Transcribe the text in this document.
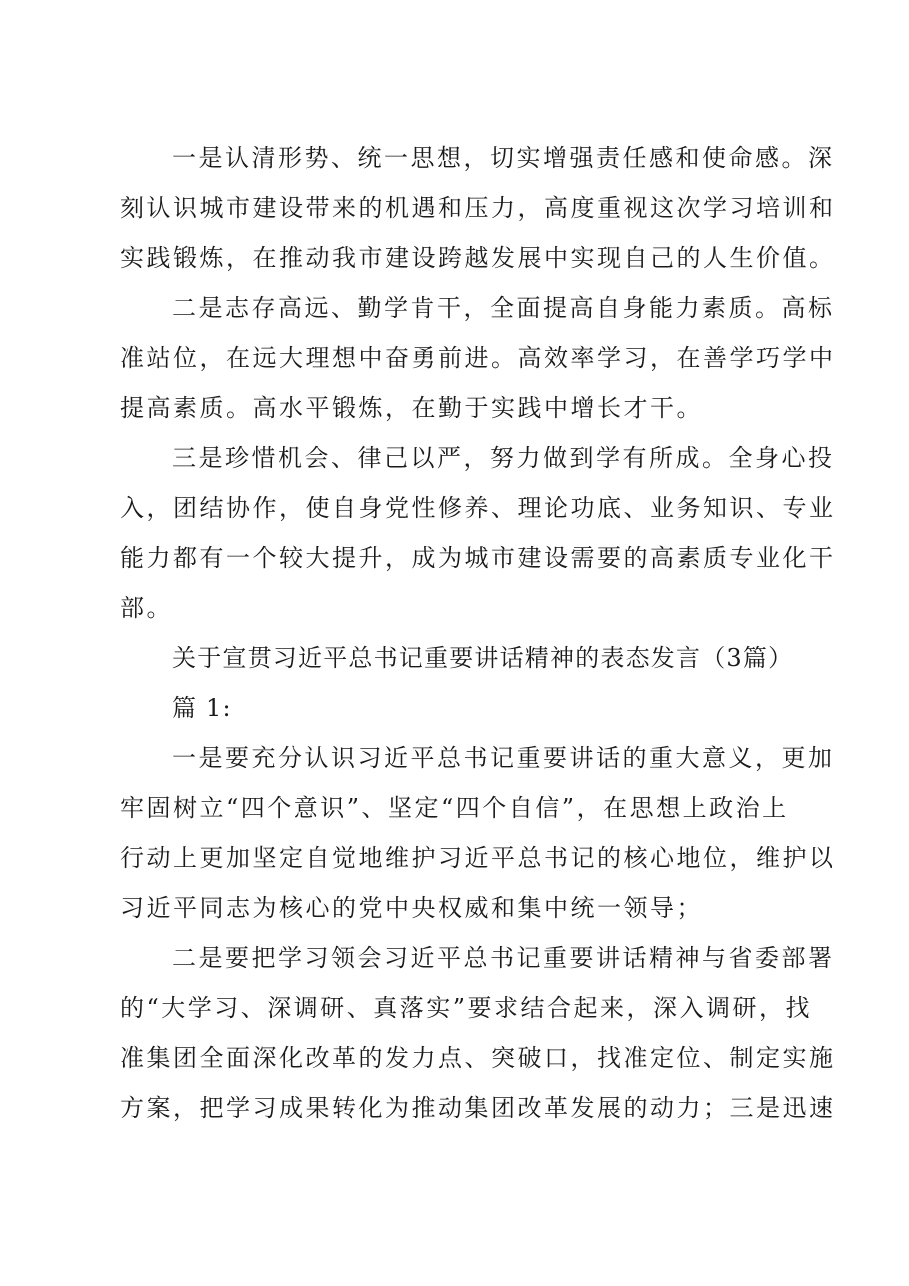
一是认清形势、统一思想，切实增强责任感和使命感。深
刻认识城市建设带来的机遇和压力，高度重视这次学习培训和
实践锻炼，在推动我市建设跨越发展中实现自己的人生价值。
二是志存高远、勤学肯干，全面提高自身能力素质。高标
准站位，在远大理想中奋勇前进。高效率学习，在善学巧学中
提高素质。高水平锻炼，在勤于实践中增长才干。
三是珍惜机会、律己以严，努力做到学有所成。全身心投
入，团结协作，使自身党性修养、理论功底、业务知识、专业
能力都有一个较大提升，成为城市建设需要的高素质专业化干
部。
关于宣贯习近平总书记重要讲话精神的表态发言（3篇）
篇 1:
一是要充分认识习近平总书记重要讲话的重大意义，更加
牢固树立“四个意识”、坚定“四个自信”，在思想上政治上
行动上更加坚定自觉地维护习近平总书记的核心地位，维护以
习近平同志为核心的党中央权威和集中统一领导；
二是要把学习领会习近平总书记重要讲话精神与省委部署
的“大学习、深调研、真落实”要求结合起来，深入调研，找
准集团全面深化改革的发力点、突破口，找准定位、制定实施
方案，把学习成果转化为推动集团改革发展的动力；三是迅速
